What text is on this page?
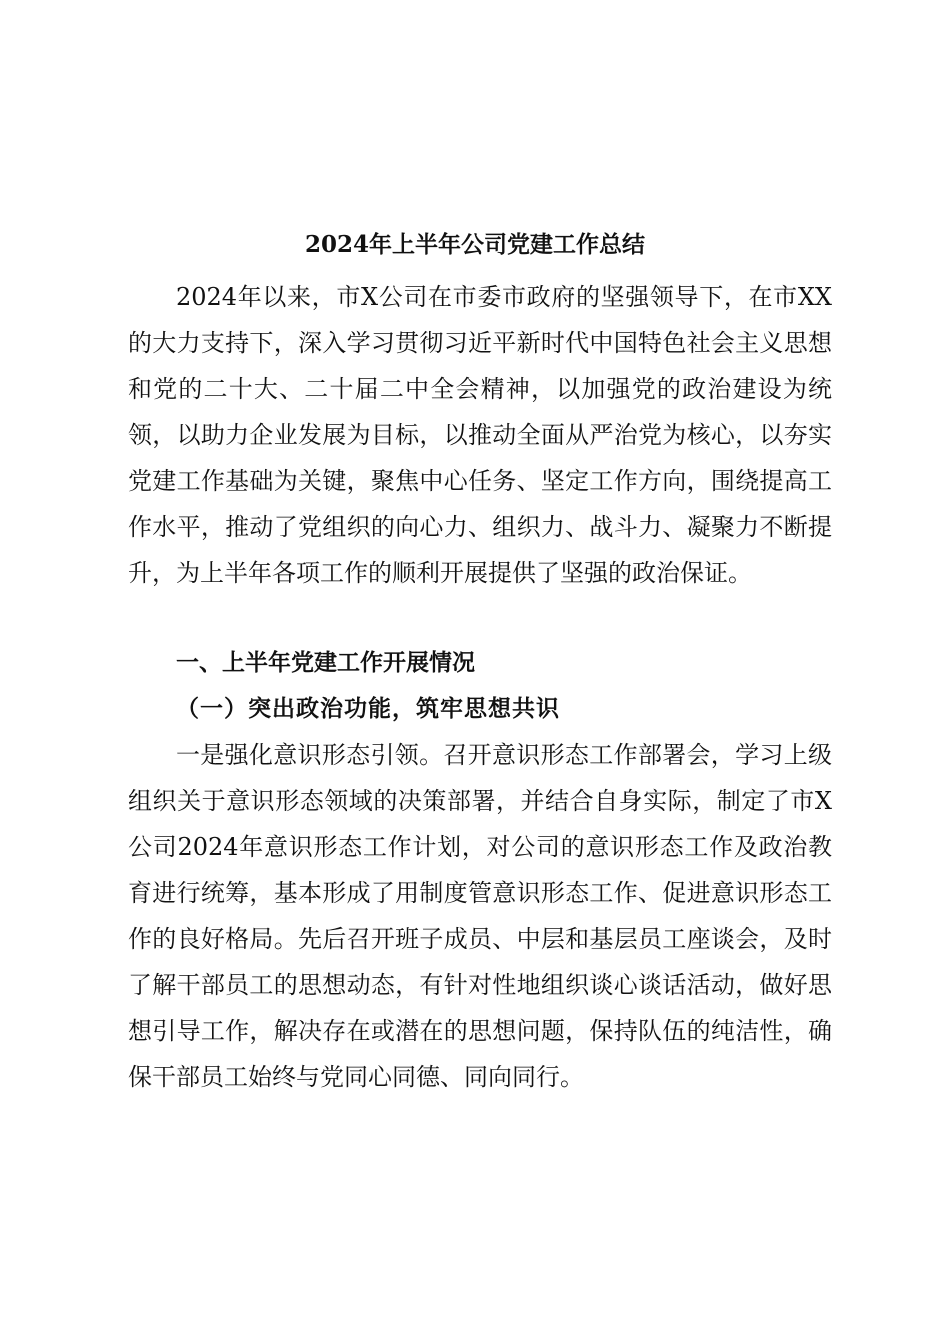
2024年上半年公司党建工作总结

2024年以来，市X公司在市委市政府的坚强领导下，在市XX的大力支持下，深入学习贯彻习近平新时代中国特色社会主义思想和党的二十大、二十届二中全会精神，以加强党的政治建设为统领，以助力企业发展为目标，以推动全面从严治党为核心，以夯实党建工作基础为关键，聚焦中心任务、坚定工作方向，围绕提高工作水平，推动了党组织的向心力、组织力、战斗力、凝聚力不断提升，为上半年各项工作的顺利开展提供了坚强的政治保证。

一、上半年党建工作开展情况
（一）突出政治功能，筑牢思想共识

一是强化意识形态引领。召开意识形态工作部署会，学习上级组织关于意识形态领域的决策部署，并结合自身实际，制定了市X公司2024年意识形态工作计划，对公司的意识形态工作及政治教育进行统筹，基本形成了用制度管意识形态工作、促进意识形态工作的良好格局。先后召开班子成员、中层和基层员工座谈会，及时了解干部员工的思想动态，有针对性地组织谈心谈话活动，做好思想引导工作，解决存在或潜在的思想问题，保持队伍的纯洁性，确保干部员工始终与党同心同德、同向同行。
